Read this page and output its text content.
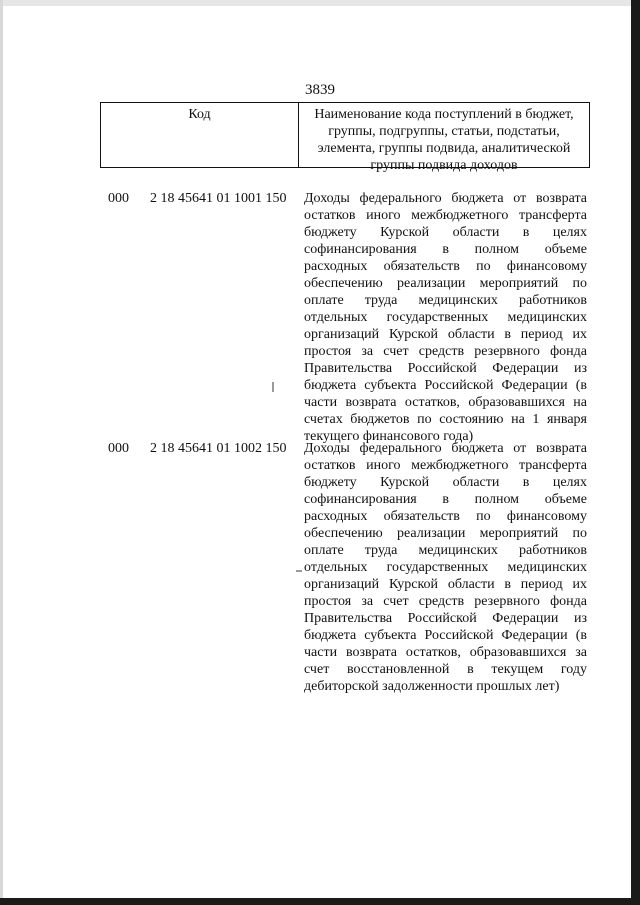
3839
Код	Наименование кода поступлений в бюджет, группы, подгруппы, статьи, подстатьи, элемента, группы подвида, аналитической группы подвида доходов
000 2 18 45641 01 1001 150 Доходы федерального бюджета от возврата
остатков иного межбюджетного трансферта
бюджету Курской области в целях
софинансирования в полном объеме
расходных обязательств по финансовому
обеспечению реализации мероприятий по
оплате труда медицинских работников
отдельных государственных медицинских
организаций Курской области в период их
простоя за счет средств резервного фонда
Правительства Российской Федерации из
бюджета субъекта Российской Федерации (в
части возврата остатков, образовавшихся на
счетах бюджетов по состоянию на 1 января
текущего финансового года)
000 2 18 45641 01 1002 150 Доходы федерального бюджета от возврата
остатков иного межбюджетного трансферта
бюджету Курской области в целях
софинансирования в полном объеме
расходных обязательств по финансовому
обеспечению реализации мероприятий по
оплате труда медицинских работников
отдельных государственных медицинских
организаций Курской области в период их
простоя за счет средств резервного фонда
Правительства Российской Федерации из
бюджета субъекта Российской Федерации (в
части возврата остатков, образовавшихся за
счет восстановленной в текущем году
дебиторской задолженности прошлых лет)
